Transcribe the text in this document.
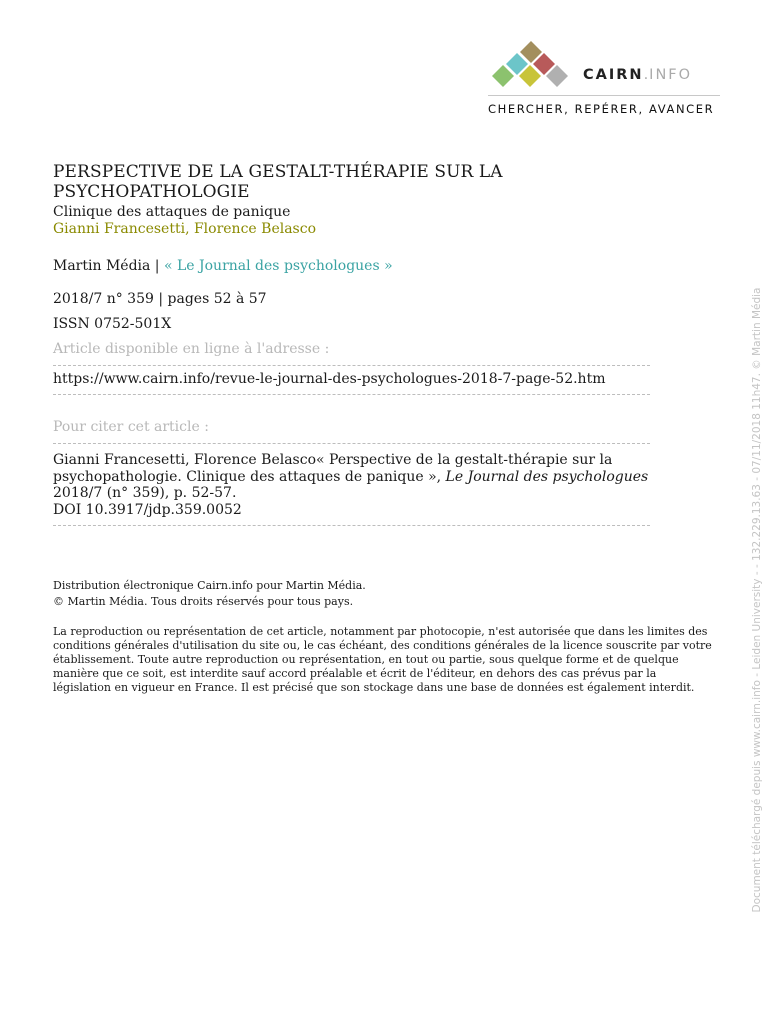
CAIRN.INFO
CHERCHER, REPÉRER, AVANCER
PERSPECTIVE DE LA GESTALT-THÉRAPIE SUR LA
PSYCHOPATHOLOGIE
Clinique des attaques de panique
Gianni Francesetti, Florence Belasco
Martin Média | « Le Journal des psychologues »
2018/7 n° 359 | pages 52 à 57
ISSN 0752-501X
Article disponible en ligne à l'adresse :
https://www.cairn.info/revue-le-journal-des-psychologues-2018-7-page-52.htm
Pour citer cet article :
Gianni Francesetti, Florence Belasco« Perspective de la gestalt-thérapie sur la
psychopathologie. Clinique des attaques de panique », Le Journal des psychologues
2018/7 (n° 359), p. 52-57.
DOI 10.3917/jdp.359.0052
Distribution électronique Cairn.info pour Martin Média.
© Martin Média. Tous droits réservés pour tous pays.
La reproduction ou représentation de cet article, notamment par photocopie, n'est autorisée que dans les limites des conditions générales d'utilisation du site ou, le cas échéant, des conditions générales de la licence souscrite par votre établissement. Toute autre reproduction ou représentation, en tout ou partie, sous quelque forme et de quelque manière que ce soit, est interdite sauf accord préalable et écrit de l'éditeur, en dehors des cas prévus par la législation en vigueur en France. Il est précisé que son stockage dans une base de données est également interdit.	Document téléchargé depuis www.cairn.info - Leiden University - - 132.229.13.63 - 07/11/2018 11h47. © Martin Média
